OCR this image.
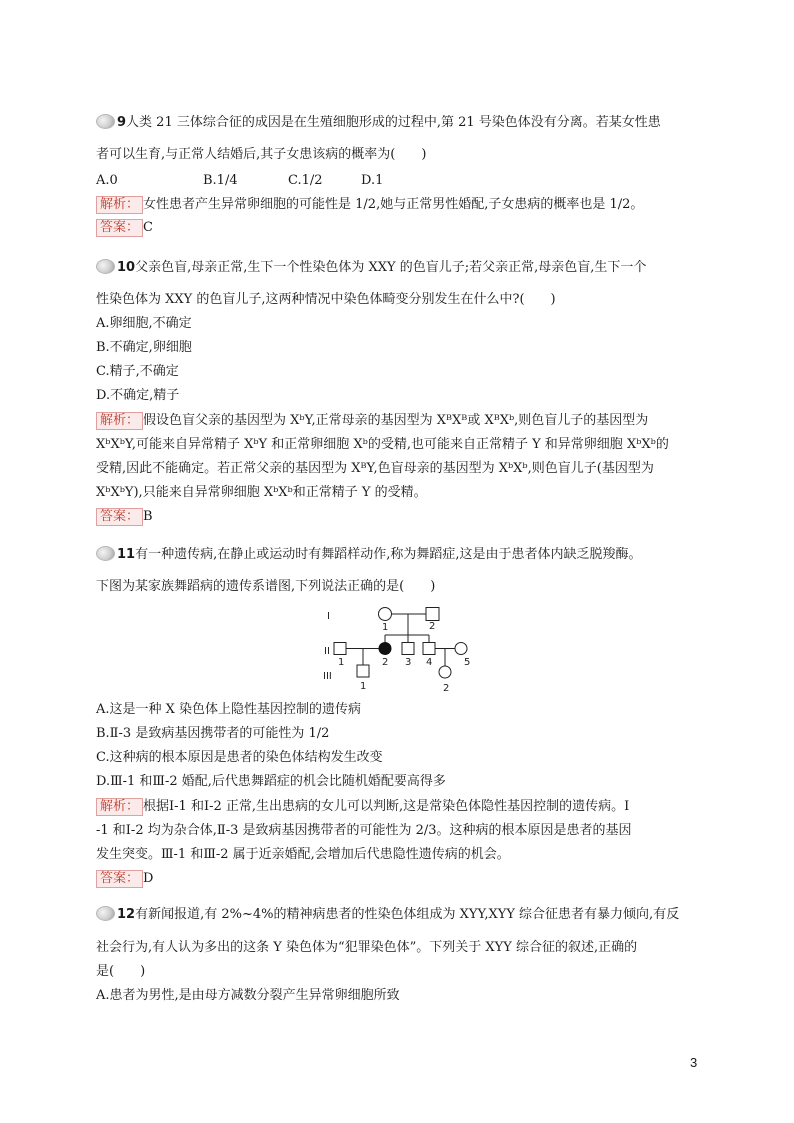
9人类 21 三体综合征的成因是在生殖细胞形成的过程中,第 21 号染色体没有分离。若某女性患
者可以生育,与正常人结婚后,其子女患该病的概率为(　　)
A.0	B.1/4	C.1/2	D.1
解析： 女性患者产生异常卵细胞的可能性是 1/2,她与正常男性婚配,子女患病的概率也是 1/2。
答案： C
10父亲色盲,母亲正常,生下一个性染色体为 XXY 的色盲儿子;若父亲正常,母亲色盲,生下一个
性染色体为 XXY 的色盲儿子,这两种情况中染色体畸变分别发生在什么中?(　　)
A.卵细胞,不确定
B.不确定,卵细胞
C.精子,不确定
D.不确定,精子
解析： 假设色盲父亲的基因型为 XᵇY,正常母亲的基因型为 XᴮXᴮ或 XᴮXᵇ,则色盲儿子的基因型为
XᵇXᵇY,可能来自异常精子 XᵇY 和正常卵细胞 Xᵇ的受精,也可能来自正常精子 Y 和异常卵细胞 XᵇXᵇ的
受精,因此不能确定。若正常父亲的基因型为 XᴮY,色盲母亲的基因型为 XᵇXᵇ,则色盲儿子(基因型为
XᵇXᵇY),只能来自异常卵细胞 XᵇXᵇ和正常精子 Y 的受精。
答案： B
11有一种遗传病,在静止或运动时有舞蹈样动作,称为舞蹈症,这是由于患者体内缺乏脱羧酶。
下图为某家族舞蹈病的遗传系谱图,下列说法正确的是(　　)
I
II
III
1	2
1	2 3 4	5
1	2
A.这是一种 X 染色体上隐性基因控制的遗传病
B.Ⅱ-3 是致病基因携带者的可能性为 1/2
C.这种病的根本原因是患者的染色体结构发生改变
D.Ⅲ-1 和Ⅲ-2 婚配,后代患舞蹈症的机会比随机婚配要高得多
解析： 根据Ⅰ-1 和Ⅰ-2 正常,生出患病的女儿可以判断,这是常染色体隐性基因控制的遗传病。Ⅰ
-1 和Ⅰ-2 均为杂合体,Ⅱ-3 是致病基因携带者的可能性为 2/3。这种病的根本原因是患者的基因
发生突变。Ⅲ-1 和Ⅲ-2 属于近亲婚配,会增加后代患隐性遗传病的机会。
答案： D
12有新闻报道,有 2%~4%的精神病患者的性染色体组成为 XYY,XYY 综合征患者有暴力倾向,有反
社会行为,有人认为多出的这条 Y 染色体为“犯罪染色体”。下列关于 XYY 综合征的叙述,正确的
是(　　)
A.患者为男性,是由母方减数分裂产生异常卵细胞所致
3
